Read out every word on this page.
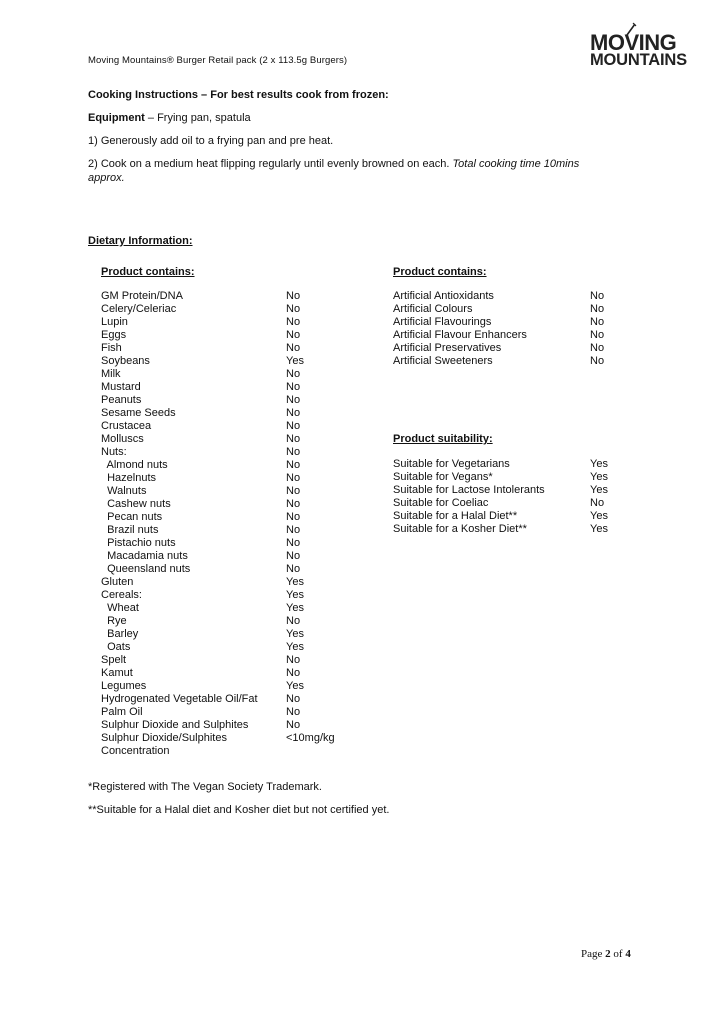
Moving Mountains® Burger Retail pack (2 x 113.5g Burgers)
MOVING
MOUNTAINS
Cooking Instructions – For best results cook from frozen:
Equipment – Frying pan, spatula
1) Generously add oil to a frying pan and pre heat.
2) Cook on a medium heat flipping regularly until evenly browned on each. Total cooking time 10mins
approx.
Dietary Information:
Product contains:	Product contains:
Product suitability:
GM Protein/DNA	No
Celery/Celeriac	No
Lupin	No
Eggs	No
Fish	No
Soybeans	Yes
Milk	No
Mustard	No
Peanuts	No
Sesame Seeds	No
Crustacea	No
Molluscs	No
Nuts:	No
Almond nuts	No
Hazelnuts	No
Walnuts	No
Cashew nuts	No
Pecan nuts	No
Brazil nuts	No
Pistachio nuts	No
Macadamia nuts	No
Queensland nuts	No
Gluten	Yes
Cereals:	Yes
Wheat	Yes
Rye	No
Barley	Yes
Oats	Yes
Spelt	No
Kamut	No
Legumes	Yes
Hydrogenated Vegetable Oil/Fat	No
Palm Oil	No
Sulphur Dioxide and Sulphites	No
Sulphur Dioxide/Sulphites	<10mg/kg
Concentration
Artificial Antioxidants	No
Artificial Colours	No
Artificial Flavourings	No
Artificial Flavour Enhancers	No
Artificial Preservatives	No
Artificial Sweeteners	No
Suitable for Vegetarians	Yes
Suitable for Vegans*	Yes
Suitable for Lactose Intolerants	Yes
Suitable for Coeliac	No
Suitable for a Halal Diet**	Yes
Suitable for a Kosher Diet**	Yes
*Registered with The Vegan Society Trademark.
**Suitable for a Halal diet and Kosher diet but not certified yet.
Page 2 of 4
